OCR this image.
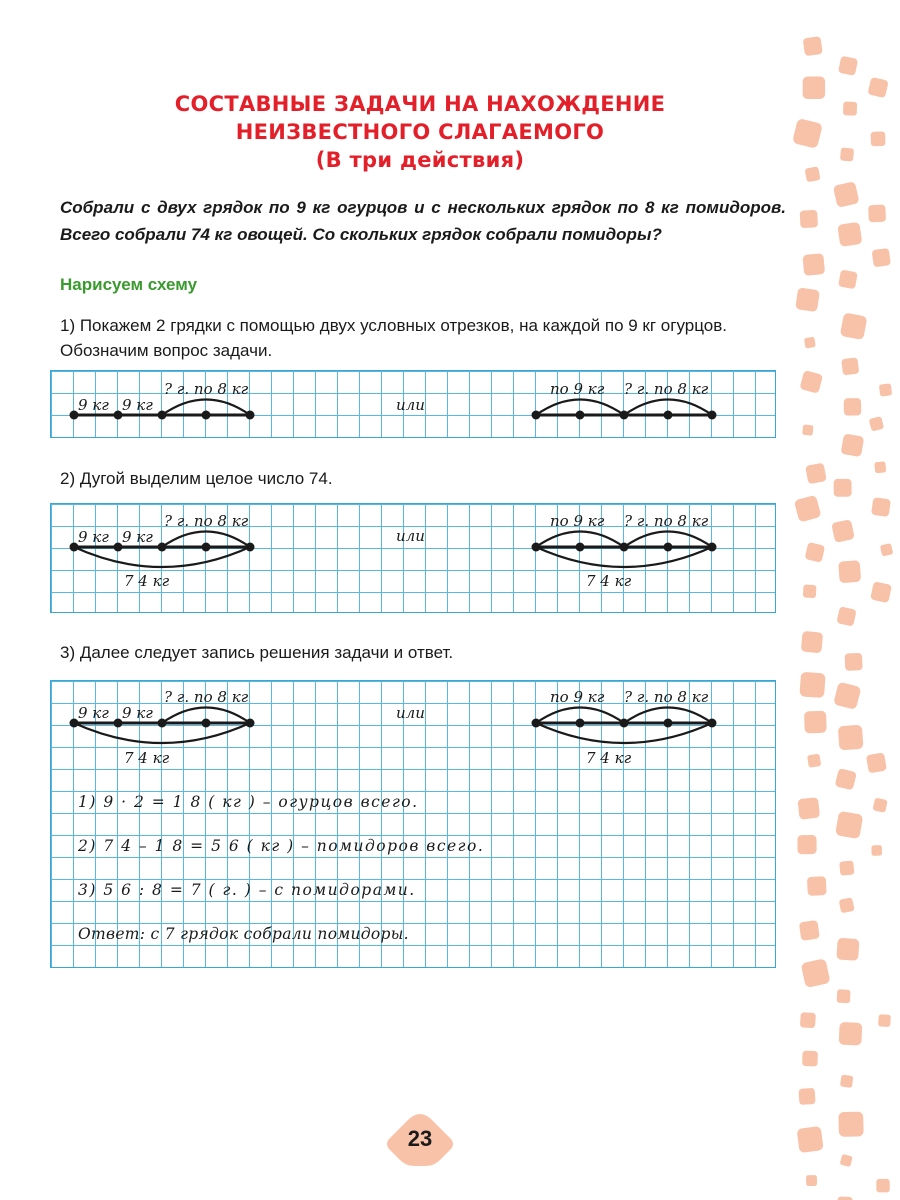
СОСТАВНЫЕ ЗАДАЧИ НА НАХОЖДЕНИЕ
НЕИЗВЕСТНОГО СЛАГАЕМОГО
(В три действия)
Собрали с двух грядок по 9 кг огурцов и с нескольких грядок по 8 кг помидоров. Всего собрали 74 кг овощей. Со скольких грядок собрали помидоры?
Нарисуем схему
1) Покажем 2 грядки с помощью двух условных отрезков, на каждой по 9 кг огурцов. Обозначим вопрос задачи.
9 кг 9 кг
? г. по 8 кг
или
по 9 кг ? г. по 8 кг
2) Дугой выделим целое число 74.
9 кг 9 кг
? г. по 8 кг
или
7 4 кг
по 9 кг ? г. по 8 кг
7 4 кг
3) Далее следует запись решения задачи и ответ.
9 кг 9 кг
? г. по 8 кг
или
7 4 кг
по 9 кг ? г. по 8 кг
7 4 кг
1) 9 · 2 = 1 8 ( кг ) – огурцов всего.
2) 7 4 – 1 8 = 5 6 ( кг ) – помидоров всего.
3) 5 6 : 8 = 7 ( г. ) – с помидорами.
Ответ: с 7 грядок собрали помидоры.
23
